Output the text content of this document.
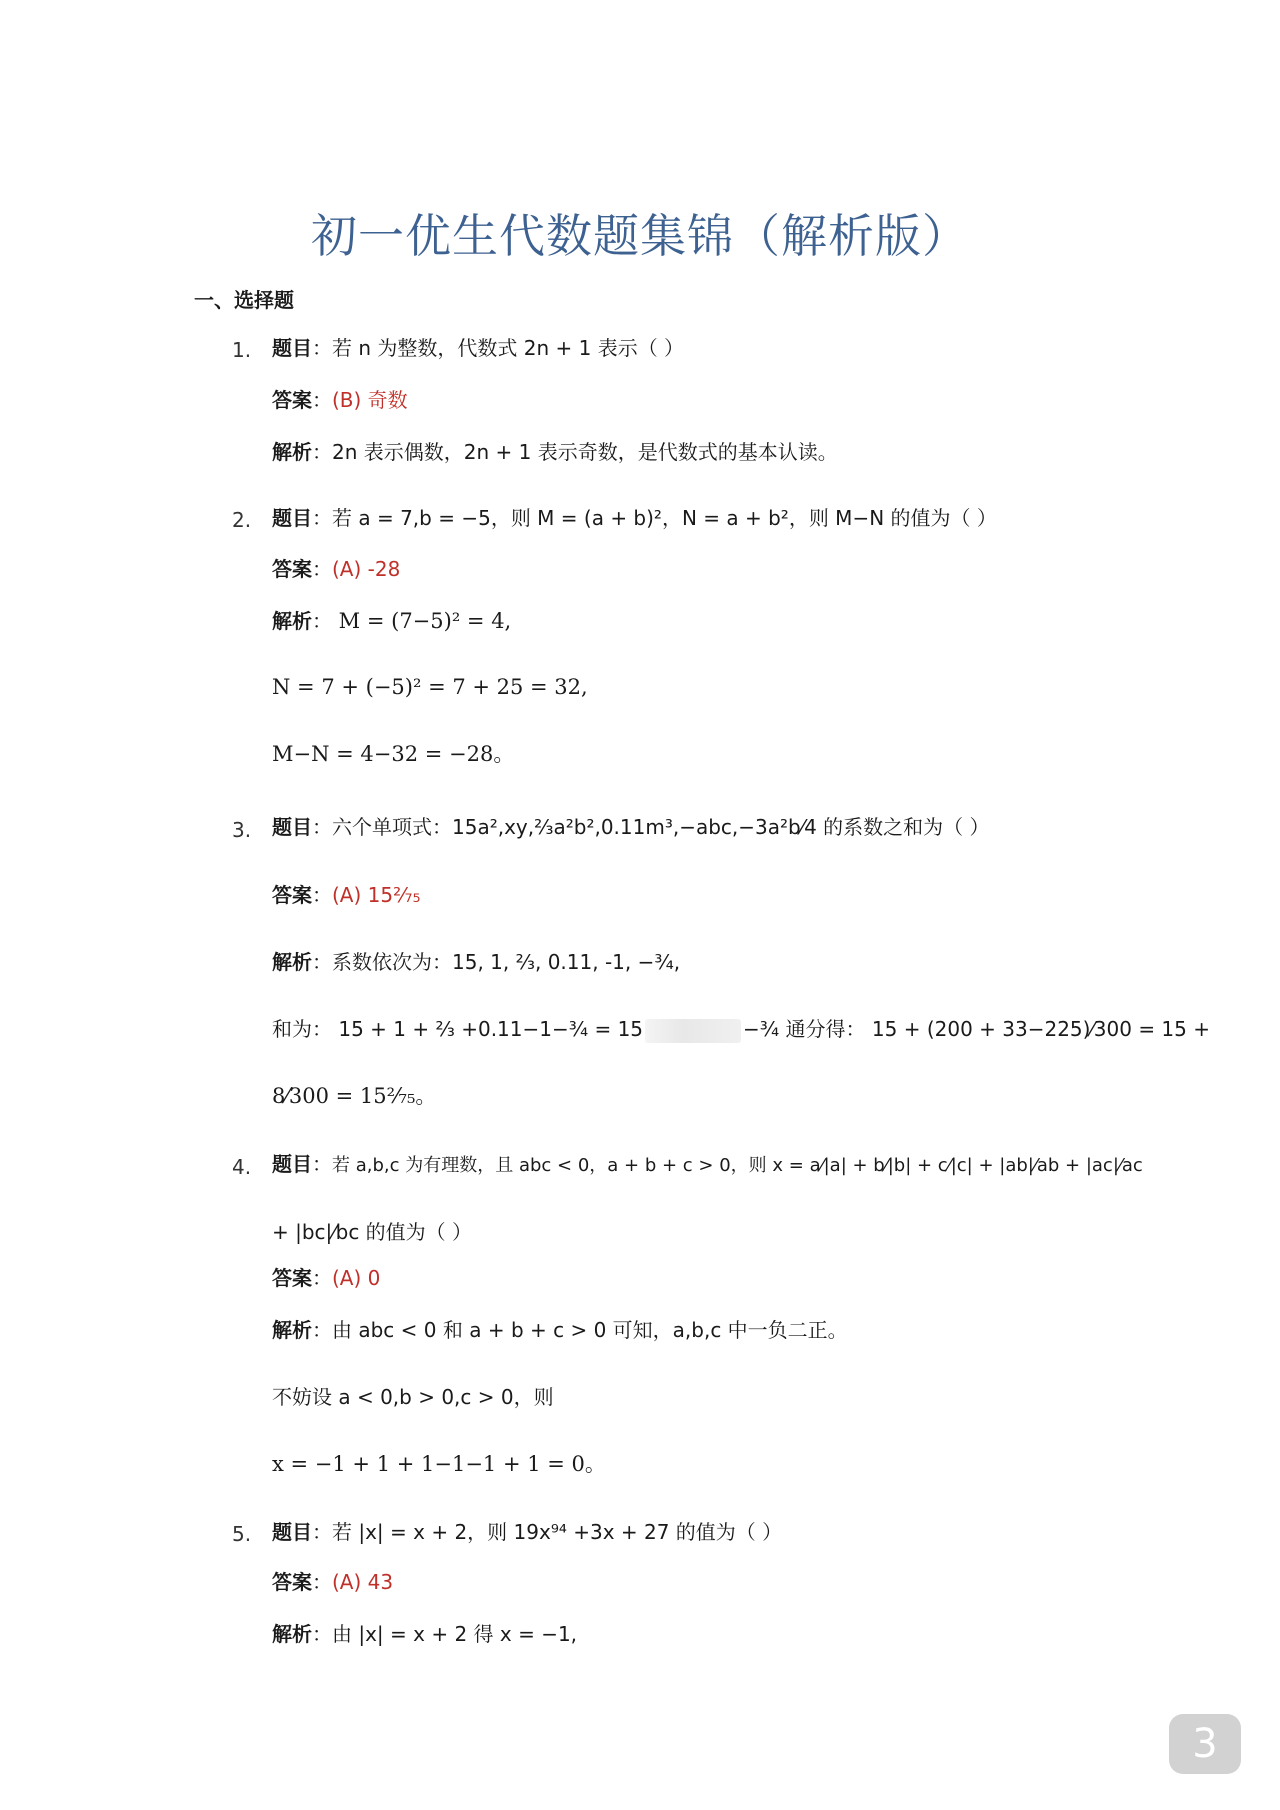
初一优生代数题集锦（解析版）
一、选择题
1. 题目：若 n 为整数，代数式 2n + 1 表示（ ）
答案：(B) 奇数
解析：2n 表示偶数，2n + 1 表示奇数，是代数式的基本认读。
2. 题目：若 a = 7,b = −5，则 M = (a + b)²，N = a + b²，则 M−N 的值为（ ）
答案：(A) -28
解析： M = (7−5)² = 4,
N = 7 + (−5)² = 7 + 25 = 32,
M−N = 4−32 = −28。
3. 题目：六个单项式：15a²,xy,²⁄₃a²b²,0.11m³,−abc,−3a²b⁄4 的系数之和为（ ）
答案：(A) 15²⁄₇₅
解析：系数依次为：15, 1, ²⁄₃, 0.11, -1, −³⁄₄,
和为： 15 + 1 + ²⁄₃ +0.11−1−³⁄₄ = 15	−³⁄₄ 通分得： 15 + (200 + 33−225)⁄300 = 15 +
8⁄300 = 15²⁄₇₅。
4. 题目：若 a,b,c 为有理数，且 abc < 0，a + b + c > 0，则 x = a⁄|a| + b⁄|b| + c⁄|c| + |ab|⁄ab + |ac|⁄ac
+ |bc|⁄bc 的值为（ ）
答案：(A) 0
解析：由 abc < 0 和 a + b + c > 0 可知，a,b,c 中一负二正。
不妨设 a < 0,b > 0,c > 0，则
x = −1 + 1 + 1−1−1 + 1 = 0。
5. 题目：若 |x| = x + 2，则 19x⁹⁴ +3x + 27 的值为（ ）
答案：(A) 43
解析：由 |x| = x + 2 得 x = −1,
3
